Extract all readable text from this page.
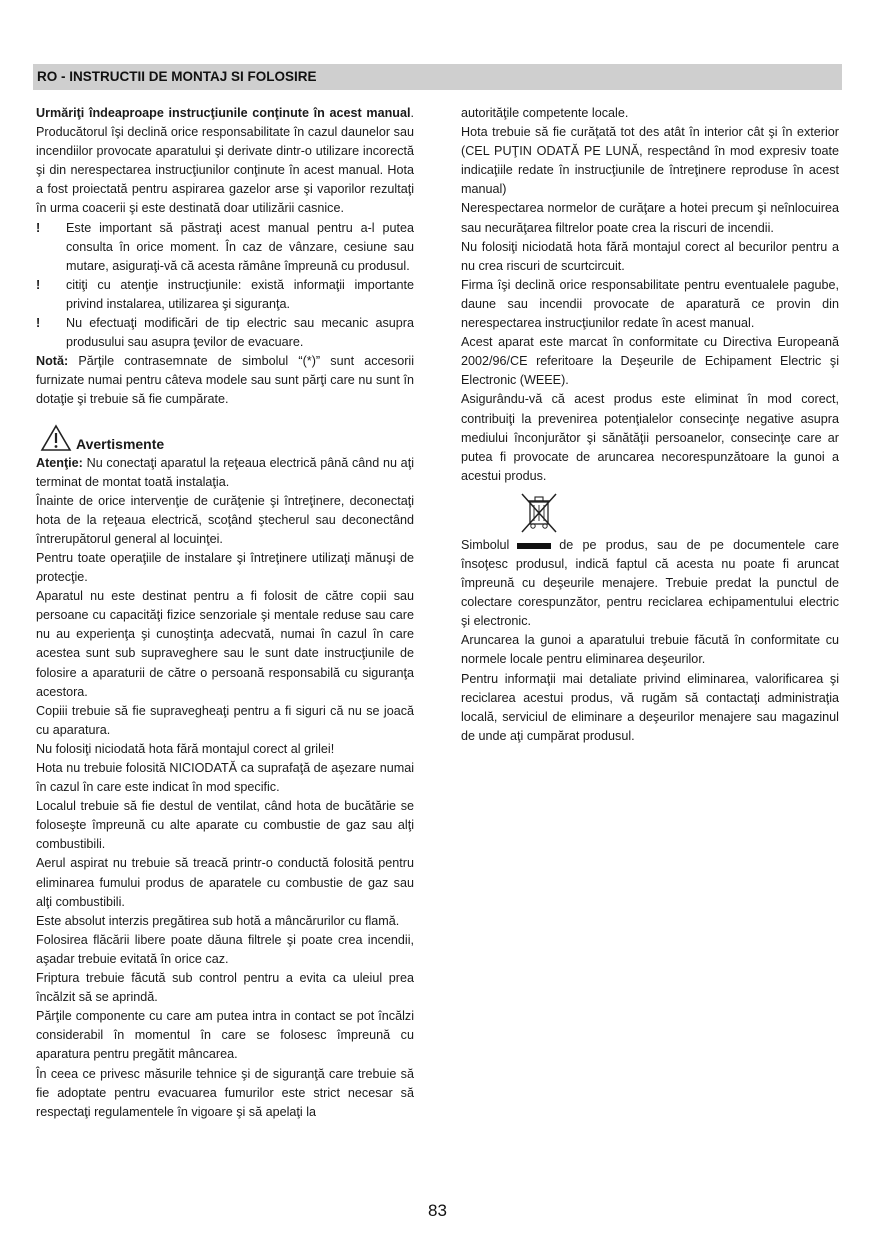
RO - INSTRUCTII DE MONTAJ SI FOLOSIRE

Urmăriţi îndeaproape instrucţiunile conţinute în acest manual. Producătorul îşi declină orice responsabilitate în cazul daunelor sau incendiilor provocate aparatului şi derivate dintr-o utilizare incorectă şi din nerespectarea instrucţiunilor conţinute în acest manual. Hota a fost proiectată pentru aspirarea gazelor arse şi vaporilor rezultaţi în urma coacerii şi este destinată doar utilizării casnice.

! Este important să păstraţi acest manual pentru a-l putea consulta în orice moment. În caz de vânzare, cesiune sau mutare, asiguraţi-vă că acesta rămâne împreună cu produsul.
! citiţi cu atenţie instrucţiunile: există informaţii importante privind instalarea, utilizarea şi siguranţa.
! Nu efectuaţi modificări de tip electric sau mecanic asupra produsului sau asupra ţevilor de evacuare.

Notă: Părţile contrasemnate de simbolul “(*)” sunt accesorii furnizate numai pentru câteva modele sau sunt părţi care nu sunt în dotaţie şi trebuie să fie cumpărate.

Avertismente

Atenţie: Nu conectaţi aparatul la reţeaua electrică până când nu aţi terminat de montat toată instalaţia.

Înainte de orice intervenţie de curăţenie şi întreţinere, deconectaţi hota de la reţeaua electrică, scoţând ştecherul sau deconectând întrerupătorul general al locuinţei.

Pentru toate operaţiile de instalare şi întreţinere utilizaţi mănuşi de protecţie.

Aparatul nu este destinat pentru a fi folosit de către copii sau persoane cu capacităţi fizice senzoriale şi mentale reduse sau care nu au experienţa şi cunoştinţa adecvată, numai în cazul în care acestea sunt sub supraveghere sau le sunt date instrucţiunile de folosire a aparaturii de către o persoană responsabilă cu siguranţa acestora.

Copiii trebuie să fie supravegheaţi pentru a fi siguri că nu se joacă cu aparatura.

Nu folosiţi niciodată hota fără montajul corect al grilei!

Hota nu trebuie folosită NICIODATĂ ca suprafaţă de aşezare numai în cazul în care este indicat în mod specific.

Localul trebuie să fie destul de ventilat, când hota de bucătărie se foloseşte împreună cu alte aparate cu combustie de gaz sau alţi combustibili.

Aerul aspirat nu trebuie să treacă printr-o conductă folosită pentru eliminarea fumului produs de aparatele cu combustie de gaz sau alţi combustibili.

Este absolut interzis pregătirea sub hotă a mâncărurilor cu flamă.

Folosirea flăcării libere poate dăuna filtrele şi poate crea incendii, aşadar trebuie evitată în orice caz.

Friptura trebuie făcută sub control pentru a evita ca uleiul prea încălzit să se aprindă.

Părţile componente cu care am putea intra in contact se pot încălzi considerabil în momentul în care se folosesc împreună cu aparatura pentru pregătit mâncarea.

În ceea ce privesc măsurile tehnice şi de siguranţă care trebuie să fie adoptate pentru evacuarea fumurilor este strict necesar să respectaţi regulamentele în vigoare şi să apelaţi la

autorităţile competente locale.

Hota trebuie să fie curăţată tot des atât în interior cât şi în exterior (CEL PUŢIN ODATĂ PE LUNĂ, respectând în mod expresiv toate indicaţiile redate în instrucţiunile de întreţinere reproduse în acest manual)

Nerespectarea normelor de curăţare a hotei precum şi neînlocuirea sau necurăţarea filtrelor poate crea la riscuri de incendii.

Nu folosiţi niciodată hota fără montajul corect al becurilor pentru a nu crea riscuri de scurtcircuit.

Firma îşi declină orice responsabilitate pentru eventualele pagube, daune sau incendii provocate de aparatură ce provin din nerespectarea instrucţiunilor redate în acest manual.

Acest aparat este marcat în conformitate cu Directiva Europeană 2002/96/CE referitoare la Deşeurile de Echipament Electric şi Electronic (WEEE).

Asigurându-vă că acest produs este eliminat în mod corect, contribuiţi la prevenirea potenţialelor consecinţe negative asupra mediului înconjurător şi sănătăţii persoanelor, consecinţe care ar putea fi provocate de aruncarea necorespunzătoare la gunoi a acestui produs.

Simbolul	de pe produs, sau de pe documentele care însoţesc produsul, indică faptul că acesta nu poate fi aruncat împreună cu deşeurile menajere. Trebuie predat la punctul de colectare corespunzător, pentru reciclarea echipamentului electric şi electronic.

Aruncarea la gunoi a aparatului trebuie făcută în conformitate cu normele locale pentru eliminarea deşeurilor.

Pentru informaţii mai detaliate privind eliminarea, valorificarea şi reciclarea acestui produs, vă rugăm să contactaţi administraţia locală, serviciul de eliminare a deşeurilor menajere sau magazinul de unde aţi cumpărat produsul.

83
